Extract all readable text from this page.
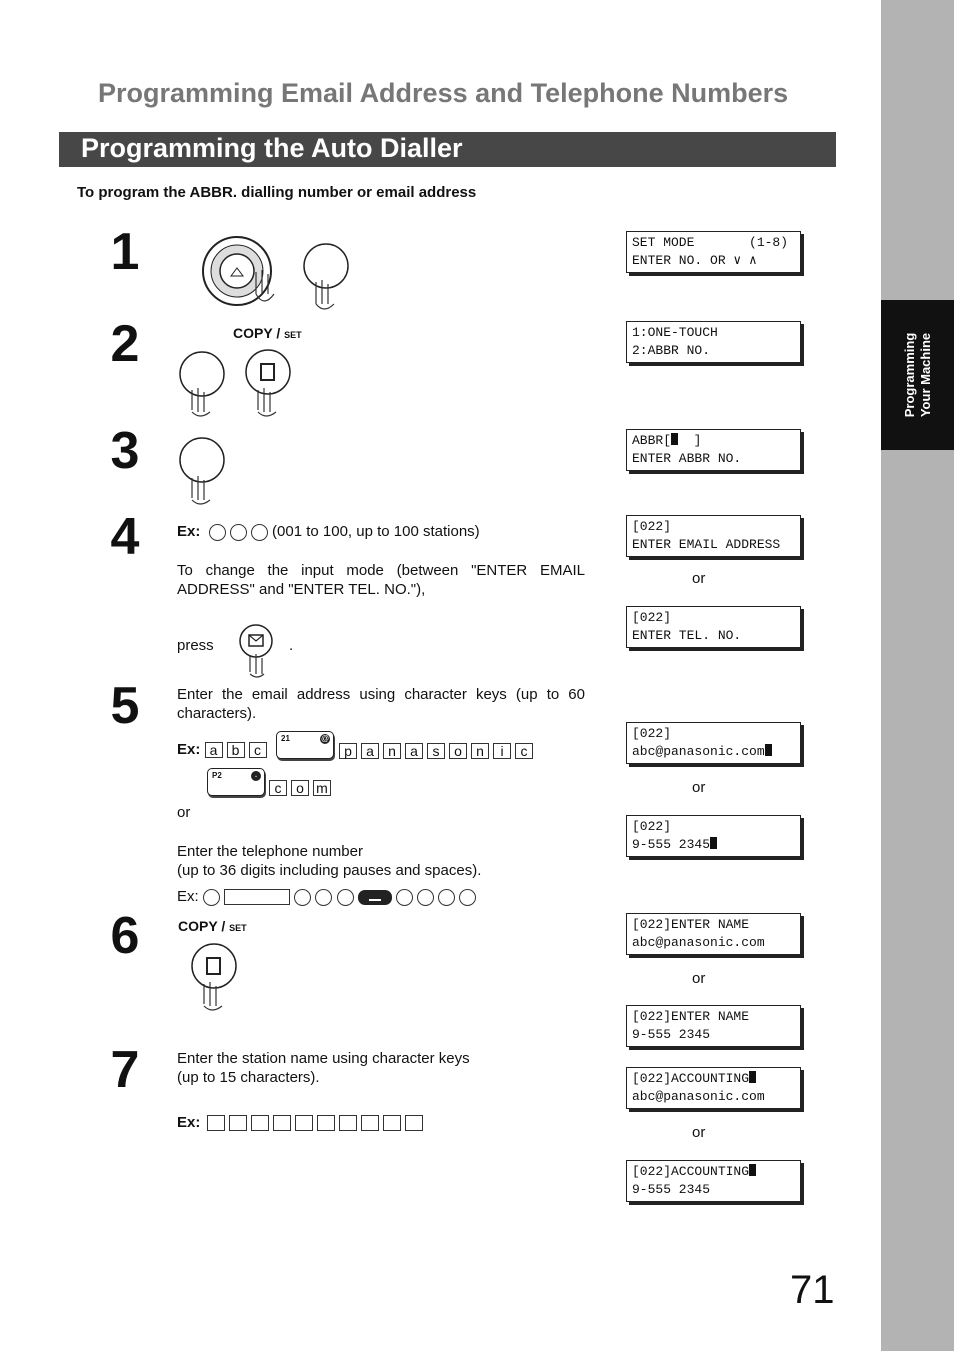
Programming Your Machine
Programming Email Address and Telephone Numbers
Programming the Auto Dialler
To program the ABBR. dialling number or email address
1
2
3
4
5
6
7
COPY / SET
Ex:	(001 to 100, up to 100 stations)
To change the input mode (between "ENTER EMAIL ADDRESS" and "ENTER TEL. NO."),
press	.
Enter the email address using character keys (up to 60 characters).
Ex: a b c
21	@
p a n a s o n i c
P2	.
c o m
or
Enter the telephone number
(up to 36 digits including pauses and spaces).
Ex:

COPY / SET
Enter the station name using character keys
(up to 15 characters).
Ex:
SET MODE       (1-8)
ENTER NO. OR ∨ ∧
1:ONE-TOUCH
2:ABBR NO.
ABBR[  ]
ENTER ABBR NO.
[022]
ENTER EMAIL ADDRESS
or
[022]
ENTER TEL. NO.
[022]
abc@panasonic.com
or
[022]
9-555 2345
[022]ENTER NAME
abc@panasonic.com
or
[022]ENTER NAME
9-555 2345
[022]ACCOUNTING
abc@panasonic.com
or
[022]ACCOUNTING
9-555 2345
71
